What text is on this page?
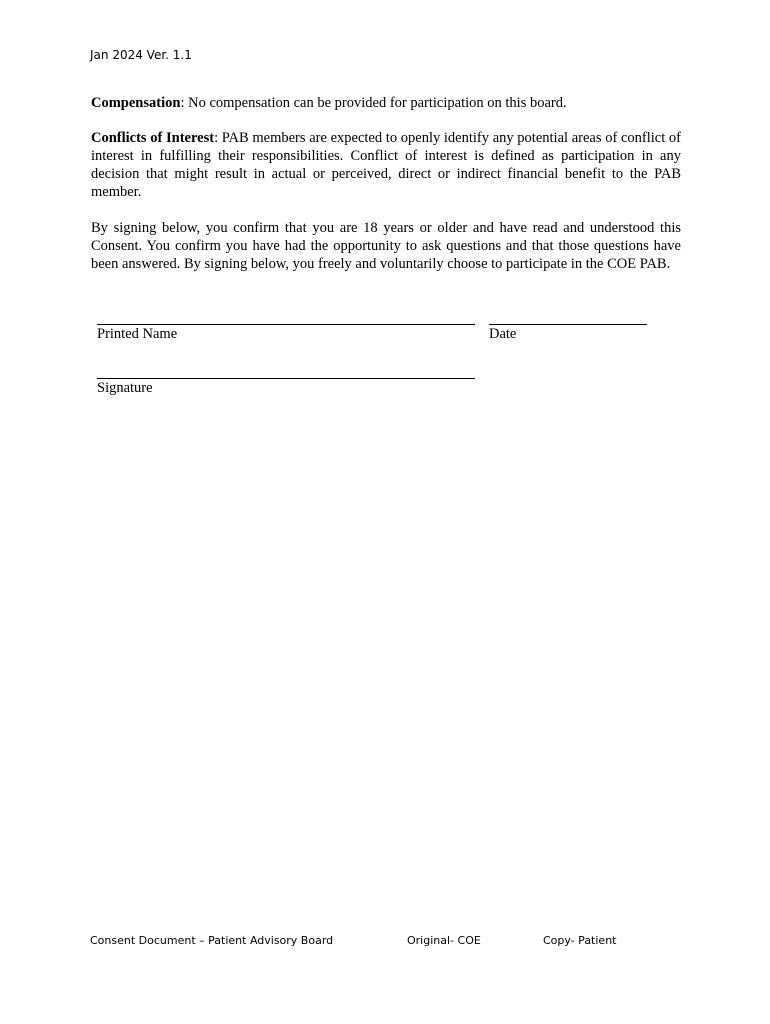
Jan 2024 Ver. 1.1

Compensation: No compensation can be provided for participation on this board.

Conflicts of Interest: PAB members are expected to openly identify any potential areas of conflict of interest in fulfilling their responsibilities. Conflict of interest is defined as participation in any decision that might result in actual or perceived, direct or indirect financial benefit to the PAB member.

By signing below, you confirm that you are 18 years or older and have read and understood this Consent. You confirm you have had the opportunity to ask questions and that those questions have been answered. By signing below, you freely and voluntarily choose to participate in the COE PAB.

Printed Name	Date
Signature
Consent Document – Patient Advisory Board	Original- COE	Copy- Patient
